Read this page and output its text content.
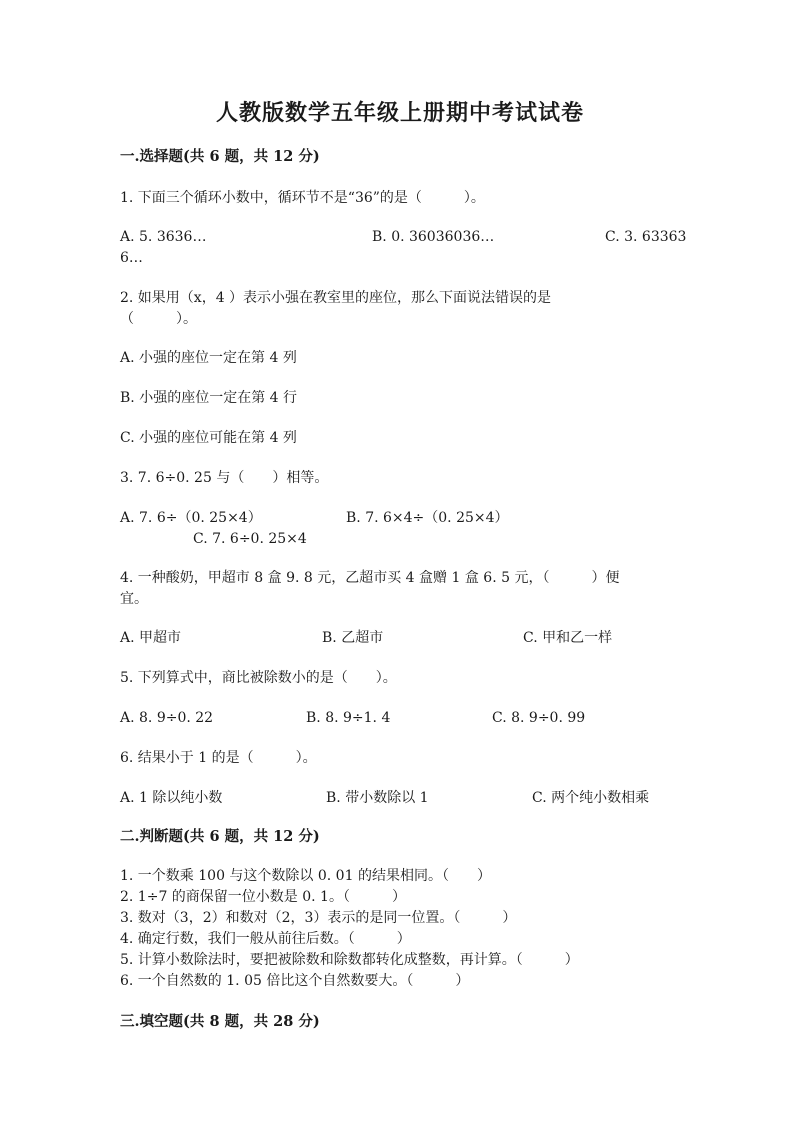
人教版数学五年级上册期中考试试卷
一.选择题(共 6 题，共 12 分)
1. 下面三个循环小数中，循环节不是“36”的是（　　　）。
A. 5. 3636…	B. 0. 36036036…	C. 3. 63363
6…
2. 如果用（x，4 ）表示小强在教室里的座位，那么下面说法错误的是
（　　　）。
A. 小强的座位一定在第 4 列
B. 小强的座位一定在第 4 行
C. 小强的座位可能在第 4 列
3. 7. 6÷0. 25 与（　　）相等。
A. 7. 6÷（0. 25×4）	B. 7. 6×4÷（0. 25×4）
C. 7. 6÷0. 25×4
4. 一种酸奶，甲超市 8 盒 9. 8 元，乙超市买 4 盒赠 1 盒 6. 5 元，（　　　）便
宜。
A. 甲超市	B. 乙超市	C. 甲和乙一样
5. 下列算式中，商比被除数小的是（　　）。
A. 8. 9÷0. 22	B. 8. 9÷1. 4	C. 8. 9÷0. 99
6. 结果小于 1 的是（　　　）。
A. 1 除以纯小数	B. 带小数除以 1	C. 两个纯小数相乘
二.判断题(共 6 题，共 12 分)
1. 一个数乘 100 与这个数除以 0. 01 的结果相同。（　　）
2. 1÷7 的商保留一位小数是 0. 1。（　　　）
3. 数对（3，2）和数对（2，3）表示的是同一位置。（　　　）
4. 确定行数，我们一般从前往后数。（　　　）
5. 计算小数除法时，要把被除数和除数都转化成整数，再计算。（　　　）
6. 一个自然数的 1. 05 倍比这个自然数要大。（　　　）
三.填空题(共 8 题，共 28 分)
